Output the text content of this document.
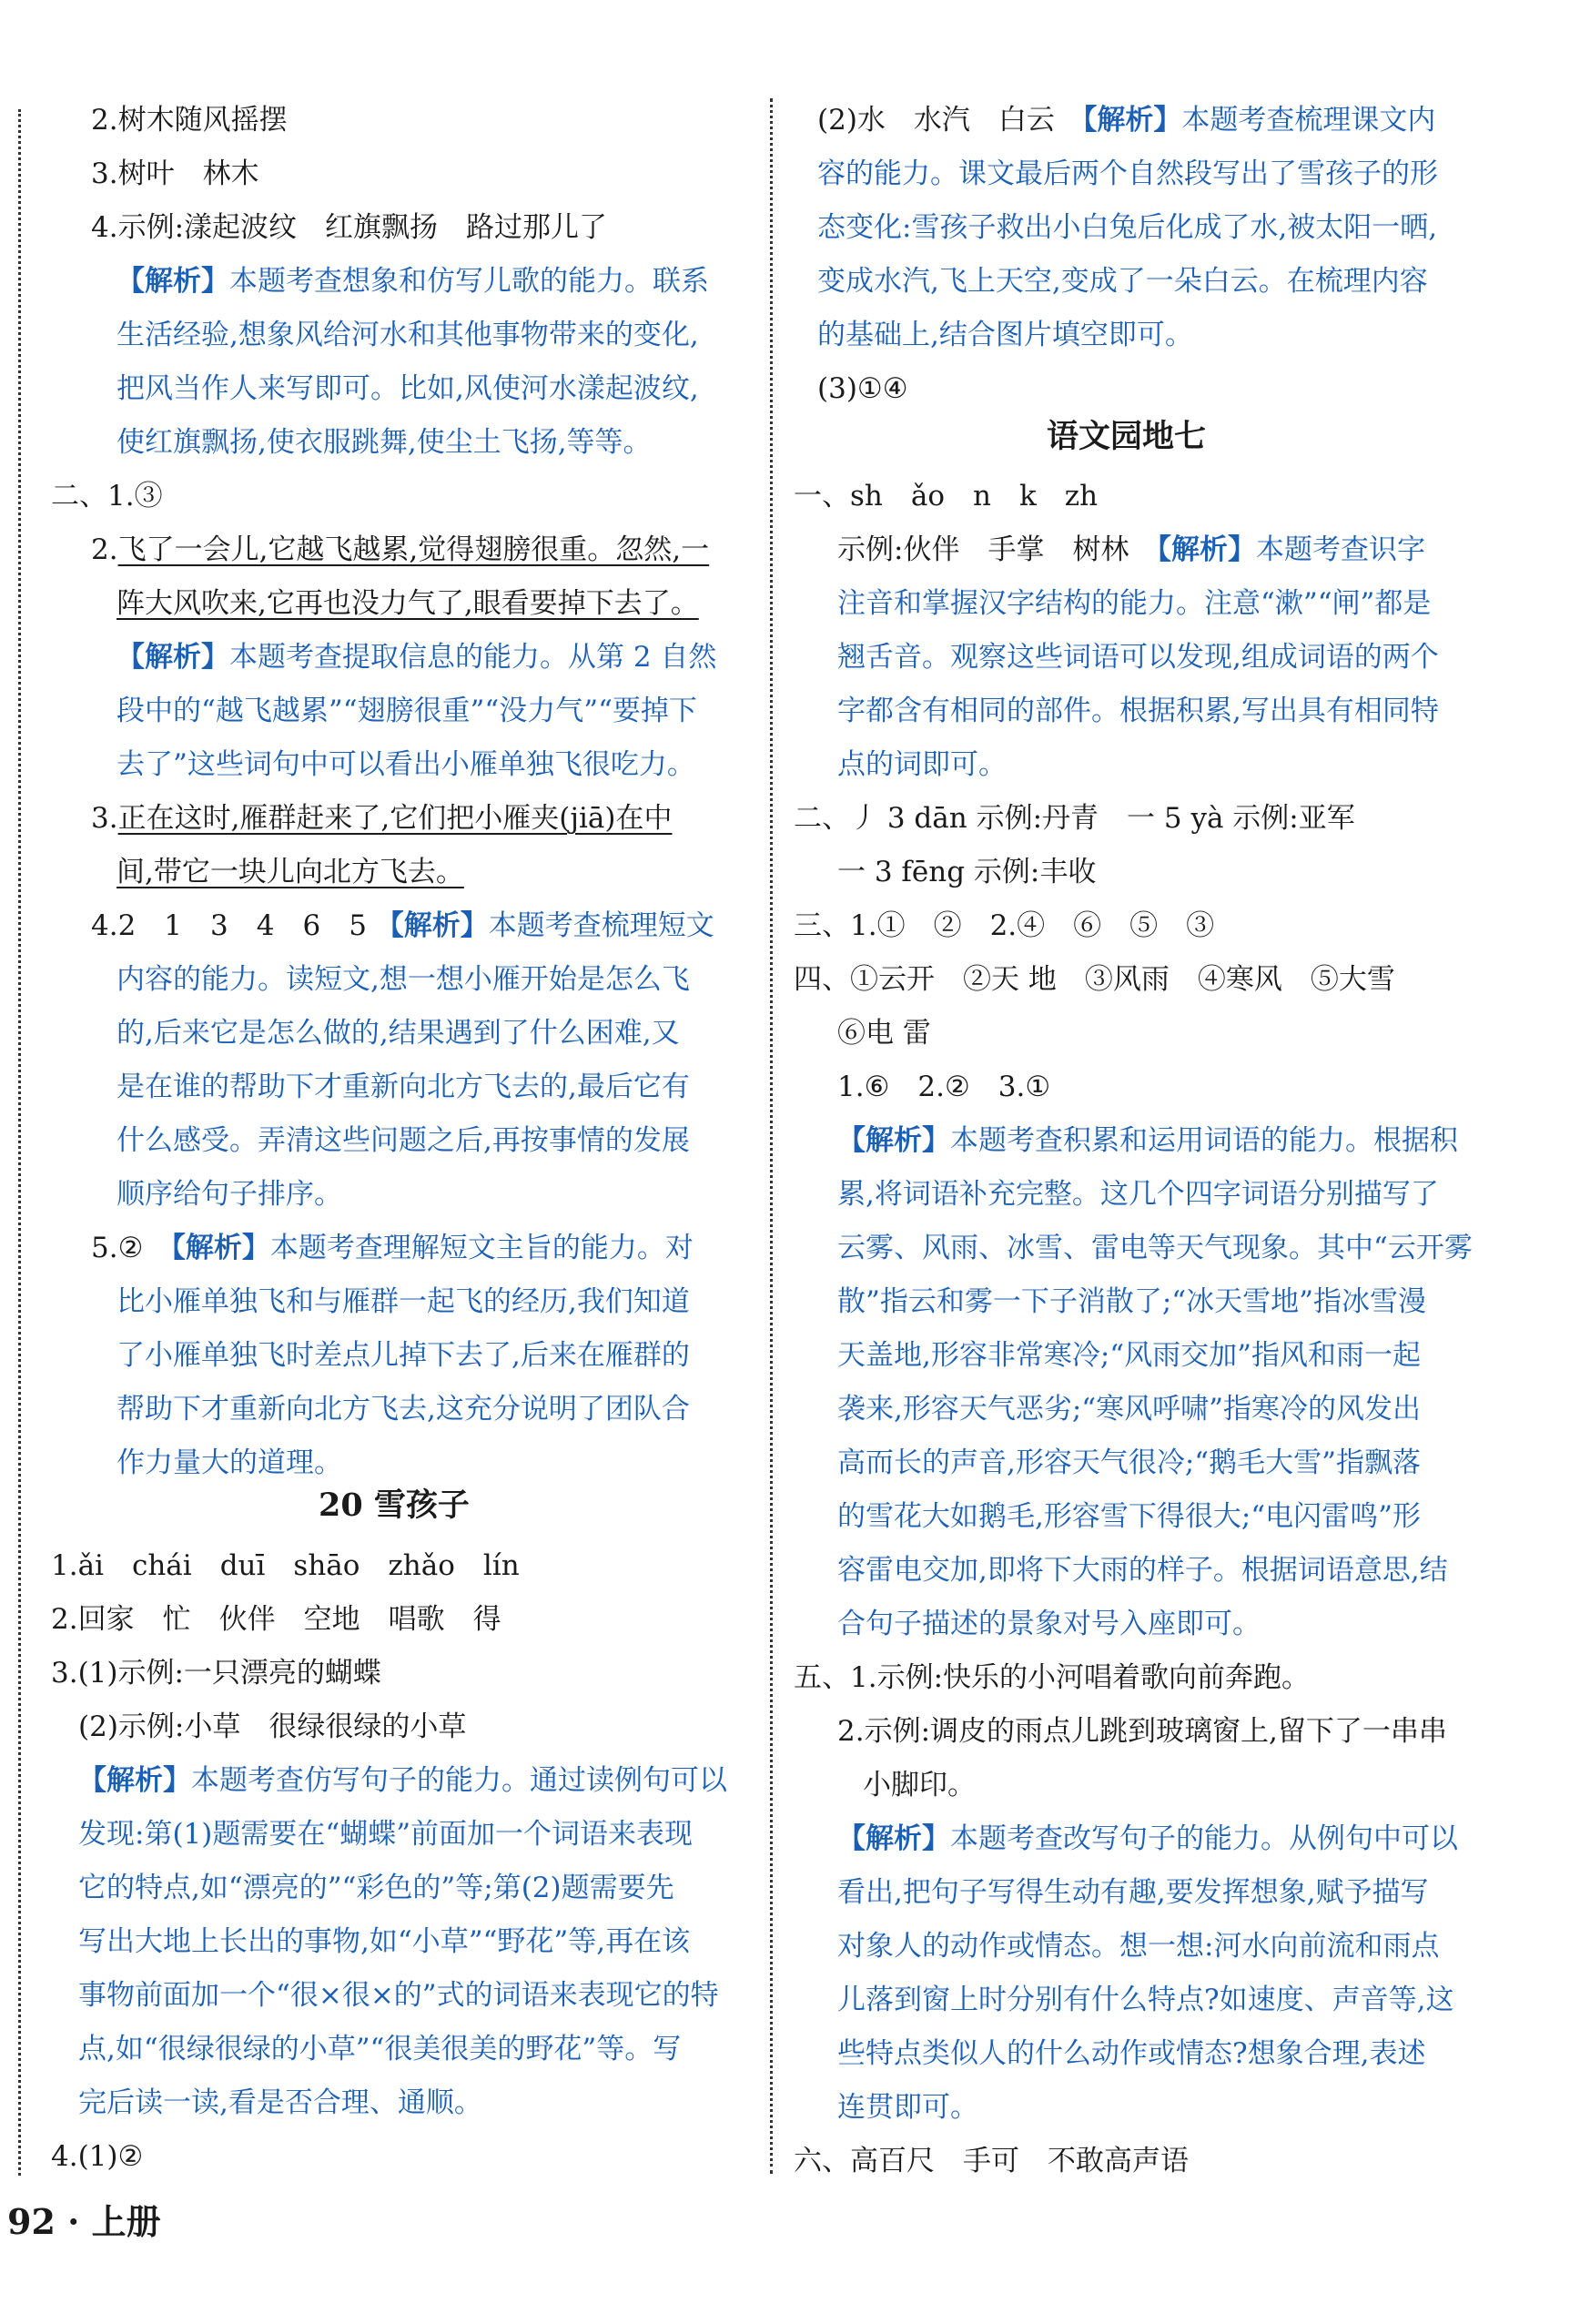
2.树木随风摇摆
3.树叶　林木
4.示例:漾起波纹　红旗飘扬　路过那儿了
【解析】本题考查想象和仿写儿歌的能力。联系
生活经验,想象风给河水和其他事物带来的变化,
把风当作人来写即可。比如,风使河水漾起波纹,
使红旗飘扬,使衣服跳舞,使尘土飞扬,等等。
二、1.③
2.飞了一会儿,它越飞越累,觉得翅膀很重。忽然,一
阵大风吹来,它再也没力气了,眼看要掉下去了。
【解析】本题考查提取信息的能力。从第 2 自然
段中的“越飞越累”“翅膀很重”“没力气”“要掉下
去了”这些词句中可以看出小雁单独飞很吃力。
3.正在这时,雁群赶来了,它们把小雁夹(jiā)在中
间,带它一块儿向北方飞去。
4.2　1　3　4　6　5 【解析】本题考查梳理短文
内容的能力。读短文,想一想小雁开始是怎么飞
的,后来它是怎么做的,结果遇到了什么困难,又
是在谁的帮助下才重新向北方飞去的,最后它有
什么感受。弄清这些问题之后,再按事情的发展
顺序给句子排序。
5.②　 【解析】本题考查理解短文主旨的能力。对
比小雁单独飞和与雁群一起飞的经历,我们知道
了小雁单独飞时差点儿掉下去了,后来在雁群的
帮助下才重新向北方飞去,这充分说明了团队合
作力量大的道理。
20 雪孩子
1.ǎi　chái　duī　shāo　zhǎo　lín
2.回家　忙　伙伴　空地　唱歌　得
3.(1)示例:一只漂亮的蝴蝶
(2)示例:小草　很绿很绿的小草
【解析】本题考查仿写句子的能力。通过读例句可以
发现:第(1)题需要在“蝴蝶”前面加一个词语来表现
它的特点,如“漂亮的”“彩色的”等;第(2)题需要先
写出大地上长出的事物,如“小草”“野花”等,再在该
事物前面加一个“很×很×的”式的词语来表现它的特
点,如“很绿很绿的小草”“很美很美的野花”等。写
完后读一读,看是否合理、通顺。
4.(1)②
(2)水　水汽　白云　 【解析】本题考查梳理课文内
容的能力。课文最后两个自然段写出了雪孩子的形
态变化:雪孩子救出小白兔后化成了水,被太阳一晒,
变成水汽,飞上天空,变成了一朵白云。在梳理内容
的基础上,结合图片填空即可。
(3)①④
语文园地七
一、sh　ǎo　n　k　zh
示例:伙伴　手掌　树林　 【解析】本题考查识字
注音和掌握汉字结构的能力。注意“漱”“闸”都是
翘舌音。观察这些词语可以发现,组成词语的两个
字都含有相同的部件。根据积累,写出具有相同特
点的词即可。
二、丿 3 dān 示例:丹青　一 5 yà 示例:亚军
一 3 fēng 示例:丰收
三、1.①　②　2.④　⑥　⑤　③
四、①云开　②天 地　③风雨　④寒风　⑤大雪
⑥电 雷
1.⑥　2.②　3.①
【解析】本题考查积累和运用词语的能力。根据积
累,将词语补充完整。这几个四字词语分别描写了
云雾、风雨、冰雪、雷电等天气现象。其中“云开雾
散”指云和雾一下子消散了;“冰天雪地”指冰雪漫
天盖地,形容非常寒冷;“风雨交加”指风和雨一起
袭来,形容天气恶劣;“寒风呼啸”指寒冷的风发出
高而长的声音,形容天气很冷;“鹅毛大雪”指飘落
的雪花大如鹅毛,形容雪下得很大;“电闪雷鸣”形
容雷电交加,即将下大雨的样子。根据词语意思,结
合句子描述的景象对号入座即可。
五、1.示例:快乐的小河唱着歌向前奔跑。
2.示例:调皮的雨点儿跳到玻璃窗上,留下了一串串
小脚印。
【解析】本题考查改写句子的能力。从例句中可以
看出,把句子写得生动有趣,要发挥想象,赋予描写
对象人的动作或情态。想一想:河水向前流和雨点
儿落到窗上时分别有什么特点?如速度、声音等,这
些特点类似人的什么动作或情态?想象合理,表述
连贯即可。
六、高百尺　手可　不敢高声语
92 · 上册
